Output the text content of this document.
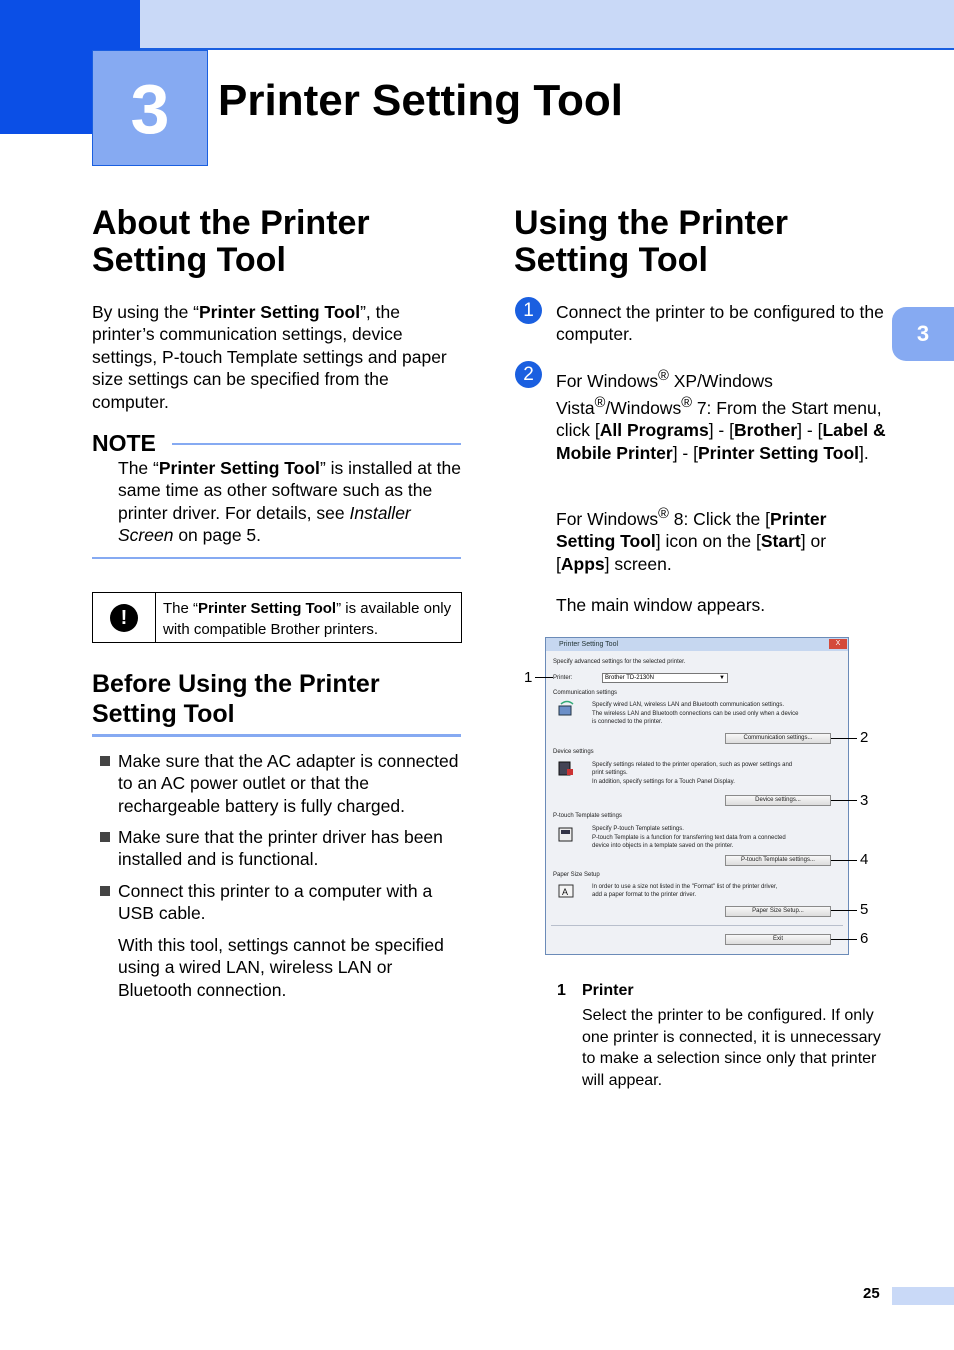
3	Printer Setting Tool
3
About the Printer
Setting Tool
By using the “Printer Setting Tool”, the printer’s communication settings, device settings, P-touch Template settings and paper size settings can be specified from the computer.
NOTE
The “Printer Setting Tool” is installed at the same time as other software such as the printer driver. For details, see Installer Screen on page 5.
!	The “Printer Setting Tool” is available only with compatible Brother printers.
Before Using the Printer
Setting Tool
Make sure that the AC adapter is connected to an AC power outlet or that the rechargeable battery is fully charged.
Make sure that the printer driver has been installed and is functional.
Connect this printer to a computer with a USB cable.
With this tool, settings cannot be specified using a wired LAN, wireless LAN or Bluetooth connection.
Using the Printer
Setting Tool
1	Connect the printer to be configured to the computer.
2	For Windows® XP/Windows Vista®/Windows® 7: From the Start menu, click [All Programs] - [Brother] - [Label & Mobile Printer] - [Printer Setting Tool].
For Windows® 8: Click the [Printer Setting Tool] icon on the [Start] or [Apps] screen.
The main window appears.
Printer Setting Tool	X
Specify advanced settings for the selected printer.
Printer:	Brother TD-2130N	▼
Communication settings
Specify wired LAN, wireless LAN and Bluetooth communication settings.
The wireless LAN and Bluetooth connections can be used only when a device
is connected to the printer.
Communication settings...
Device settings
Specify settings related to the printer operation, such as power settings and
print settings.
In addition, specify settings for a Touch Panel Display.
Device settings...
P-touch Template settings
Specify P-touch Template settings.
P-touch Template is a function for transferring text data from a connected
device into objects in a template saved on the printer.
P-touch Template settings...
Paper Size Setup
A	In order to use a size not listed in the "Format" list of the printer driver,
add a paper format to the printer driver.
Paper Size Setup...
Exit
1
2
3
4
5
6
1 Printer
Select the printer to be configured. If only one printer is connected, it is unnecessary to make a selection since only that printer will appear.
25
